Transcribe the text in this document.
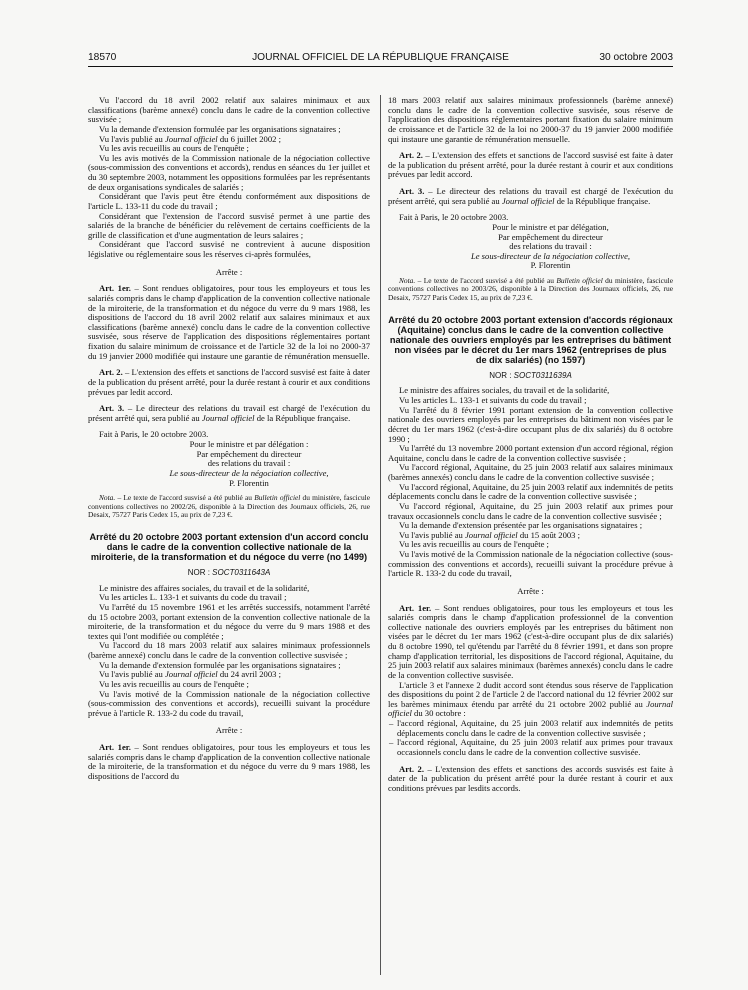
18570	JOURNAL OFFICIEL DE LA RÉPUBLIQUE FRANÇAISE	30 octobre 2003

Vu l'accord du 18 avril 2002 relatif aux salaires minimaux et aux classifications (barème annexé) conclu dans le cadre de la convention collective susvisée ;

Vu la demande d'extension formulée par les organisations signataires ;

Vu l'avis publié au Journal officiel du 6 juillet 2002 ;

Vu les avis recueillis au cours de l'enquête ;

Vu les avis motivés de la Commission nationale de la négociation collective (sous-commission des conventions et accords), rendus en séances du 1er juillet et du 30 septembre 2003, notamment les oppositions formulées par les représentants de deux organisations syndicales de salariés ;

Considérant que l'avis peut être étendu conformément aux dispositions de l'article L. 133-11 du code du travail ;

Considérant que l'extension de l'accord susvisé permet à une partie des salariés de la branche de bénéficier du relèvement de certains coefficients de la grille de classification et d'une augmentation de leurs salaires ;

Considérant que l'accord susvisé ne contrevient à aucune disposition législative ou réglementaire sous les réserves ci-après formulées,

Arrête :

Art. 1er. – Sont rendues obligatoires, pour tous les employeurs et tous les salariés compris dans le champ d'application de la convention collective nationale de la miroiterie, de la transformation et du négoce du verre du 9 mars 1988, les dispositions de l'accord du 18 avril 2002 relatif aux salaires minimaux et aux classifications (barème annexé) conclu dans le cadre de la convention collective susvisée, sous réserve de l'application des dispositions réglementaires portant fixation du salaire minimum de croissance et de l'article 32 de la loi no 2000-37 du 19 janvier 2000 modifiée qui instaure une garantie de rémunération mensuelle.

Art. 2. – L'extension des effets et sanctions de l'accord susvisé est faite à dater de la publication du présent arrêté, pour la durée restant à courir et aux conditions prévues par ledit accord.

Art. 3. – Le directeur des relations du travail est chargé de l'exécution du présent arrêté qui, sera publié au Journal officiel de la République française.

Fait à Paris, le 20 octobre 2003.

Pour le ministre et par délégation :
Par empêchement du directeur
des relations du travail :
Le sous-directeur de la négociation collective,
P. Florentin

Nota. – Le texte de l'accord susvisé a été publié au Bulletin officiel du ministère, fascicule conventions collectives no 2002/26, disponible à la Direction des Journaux officiels, 26, rue Desaix, 75727 Paris Cedex 15, au prix de 7,23 €.

Arrêté du 20 octobre 2003 portant extension d'un accord conclu dans le cadre de la convention collective nationale de la miroiterie, de la transformation et du négoce du verre (no 1499)

NOR : SOCT0311643A

Le ministre des affaires sociales, du travail et de la solidarité,

Vu les articles L. 133-1 et suivants du code du travail ;

Vu l'arrêté du 15 novembre 1961 et les arrêtés successifs, notamment l'arrêté du 15 octobre 2003, portant extension de la convention collective nationale de la miroiterie, de la transformation et du négoce du verre du 9 mars 1988 et des textes qui l'ont modifiée ou complétée ;

Vu l'accord du 18 mars 2003 relatif aux salaires minimaux professionnels (barème annexé) conclu dans le cadre de la convention collective susvisée ;

Vu la demande d'extension formulée par les organisations signataires ;

Vu l'avis publié au Journal officiel du 24 avril 2003 ;

Vu les avis recueillis au cours de l'enquête ;

Vu l'avis motivé de la Commission nationale de la négociation collective (sous-commission des conventions et accords), recueilli suivant la procédure prévue à l'article R. 133-2 du code du travail,

Arrête :

Art. 1er. – Sont rendues obligatoires, pour tous les employeurs et tous les salariés compris dans le champ d'application de la convention collective nationale de la miroiterie, de la transformation et du négoce du verre du 9 mars 1988, les dispositions de l'accord du

18 mars 2003 relatif aux salaires minimaux professionnels (barème annexé) conclu dans le cadre de la convention collective susvisée, sous réserve de l'application des dispositions réglementaires portant fixation du salaire minimum de croissance et de l'article 32 de la loi no 2000-37 du 19 janvier 2000 modifiée qui instaure une garantie de rémunération mensuelle.

Art. 2. – L'extension des effets et sanctions de l'accord susvisé est faite à dater de la publication du présent arrêté, pour la durée restant à courir et aux conditions prévues par ledit accord.

Art. 3. – Le directeur des relations du travail est chargé de l'exécution du présent arrêté, qui sera publié au Journal officiel de la République française.

Fait à Paris, le 20 octobre 2003.

Pour le ministre et par délégation,
Par empêchement du directeur
des relations du travail :
Le sous-directeur de la négociation collective,
P. Florentin

Nota. – Le texte de l'accord susvisé a été publié au Bulletin officiel du ministère, fascicule conventions collectives no 2003/26, disponible à la Direction des Journaux officiels, 26, rue Desaix, 75727 Paris Cedex 15, au prix de 7,23 €.

Arrêté du 20 octobre 2003 portant extension d'accords régionaux (Aquitaine) conclus dans le cadre de la convention collective nationale des ouvriers employés par les entreprises du bâtiment non visées par le décret du 1er mars 1962 (entreprises de plus de dix salariés) (no 1597)

NOR : SOCT0311639A

Le ministre des affaires sociales, du travail et de la solidarité,

Vu les articles L. 133-1 et suivants du code du travail ;

Vu l'arrêté du 8 février 1991 portant extension de la convention collective nationale des ouvriers employés par les entreprises du bâtiment non visées par le décret du 1er mars 1962 (c'est-à-dire occupant plus de dix salariés) du 8 octobre 1990 ;

Vu l'arrêté du 13 novembre 2000 portant extension d'un accord régional, région Aquitaine, conclu dans le cadre de la convention collective susvisée ;

Vu l'accord régional, Aquitaine, du 25 juin 2003 relatif aux salaires minimaux (barèmes annexés) conclu dans le cadre de la convention collective susvisée ;

Vu l'accord régional, Aquitaine, du 25 juin 2003 relatif aux indemnités de petits déplacements conclu dans le cadre de la convention collective susvisée ;

Vu l'accord régional, Aquitaine, du 25 juin 2003 relatif aux primes pour travaux occasionnels conclu dans le cadre de la convention collective susvisée ;

Vu la demande d'extension présentée par les organisations signataires ;

Vu l'avis publié au Journal officiel du 15 août 2003 ;

Vu les avis recueillis au cours de l'enquête ;

Vu l'avis motivé de la Commission nationale de la négociation collective (sous-commission des conventions et accords), recueilli suivant la procédure prévue à l'article R. 133-2 du code du travail,

Arrête :

Art. 1er. – Sont rendues obligatoires, pour tous les employeurs et tous les salariés compris dans le champ d'application professionnel de la convention collective nationale des ouvriers employés par les entreprises du bâtiment non visées par le décret du 1er mars 1962 (c'est-à-dire occupant plus de dix salariés) du 8 octobre 1990, tel qu'étendu par l'arrêté du 8 février 1991, et dans son propre champ d'application territorial, les dispositions de l'accord régional, Aquitaine, du 25 juin 2003 relatif aux salaires minimaux (barèmes annexés) conclu dans le cadre de la convention collective susvisée.

L'article 3 et l'annexe 2 dudit accord sont étendus sous réserve de l'application des dispositions du point 2 de l'article 2 de l'accord national du 12 février 2002 sur les barèmes minimaux étendu par arrêté du 21 octobre 2002 publié au Journal officiel du 30 octobre :

– l'accord régional, Aquitaine, du 25 juin 2003 relatif aux indemnités de petits déplacements conclu dans le cadre de la convention collective susvisée ;

– l'accord régional, Aquitaine, du 25 juin 2003 relatif aux primes pour travaux occasionnels conclu dans le cadre de la convention collective susvisée.

Art. 2. – L'extension des effets et sanctions des accords susvisés est faite à dater de la publication du présent arrêté pour la durée restant à courir et aux conditions prévues par lesdits accords.
